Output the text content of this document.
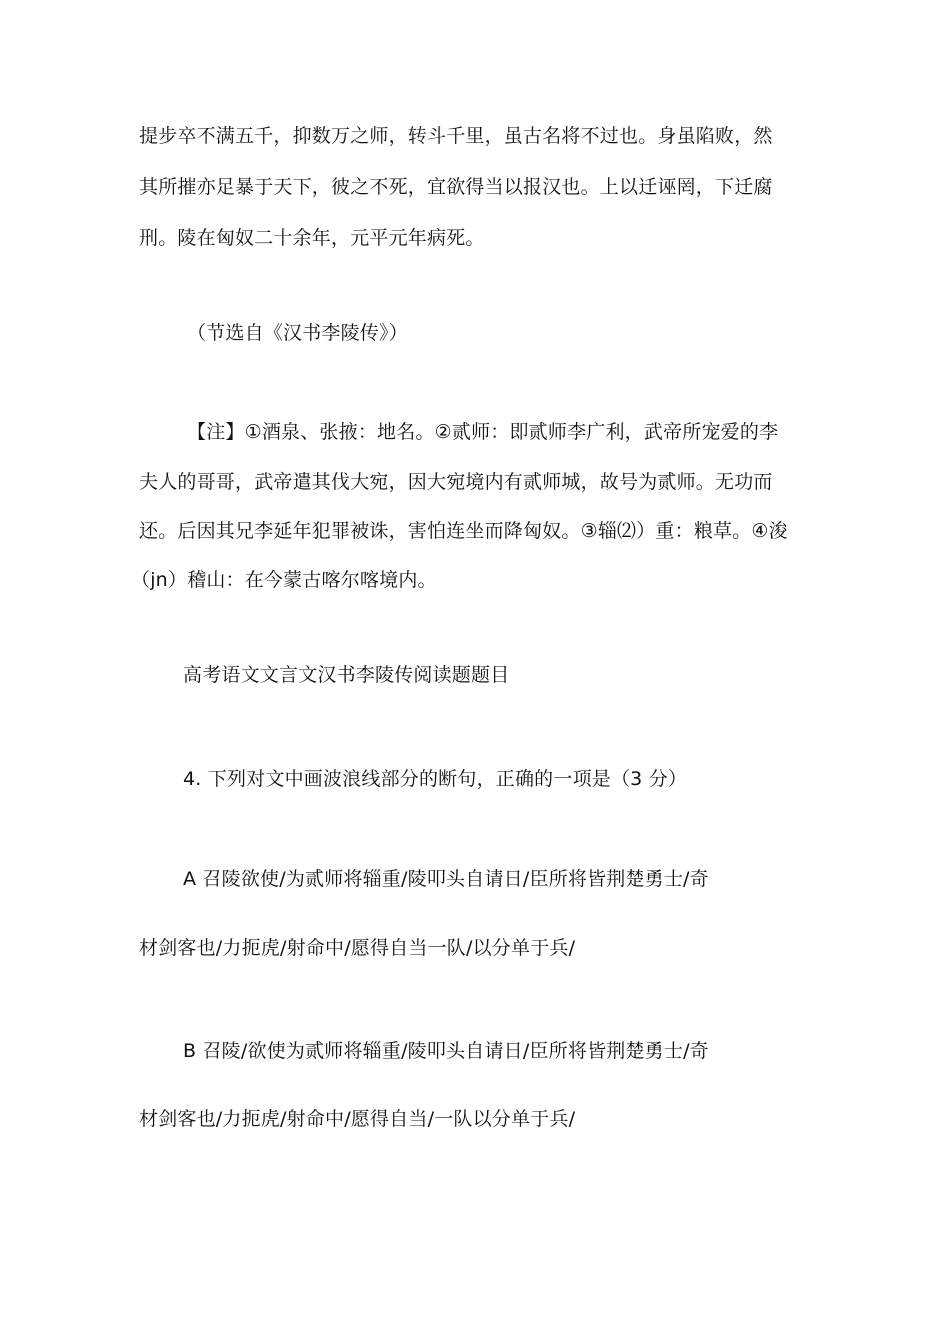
提步卒不满五千，抑数万之师，转斗千里，虽古名将不过也。身虽陷败，然
其所摧亦足暴于天下，彼之不死，宜欲得当以报汉也。上以迁诬罔，下迁腐
刑。陵在匈奴二十余年，元平元年病死。
（节选自《汉书李陵传》）
【注】①酒泉、张掖：地名。②贰师：即贰师李广利，武帝所宠爱的李
夫人的哥哥，武帝遣其伐大宛，因大宛境内有贰师城，故号为贰师。无功而
还。后因其兄李延年犯罪被诛，害怕连坐而降匈奴。③辎⑵）重：粮草。④浚
（jn）稽山：在今蒙古喀尔喀境内。
高考语文文言文汉书李陵传阅读题题目
4. 下列对文中画波浪线部分的断句，正确的一项是（3 分）
A 召陵欲使/为贰师将辎重/陵叩头自请日/臣所将皆荆楚勇士/奇
材剑客也/力扼虎/射命中/愿得自当一队/以分单于兵/
B 召陵/欲使为贰师将辎重/陵叩头自请日/臣所将皆荆楚勇士/奇
材剑客也/力扼虎/射命中/愿得自当/一队以分单于兵/
